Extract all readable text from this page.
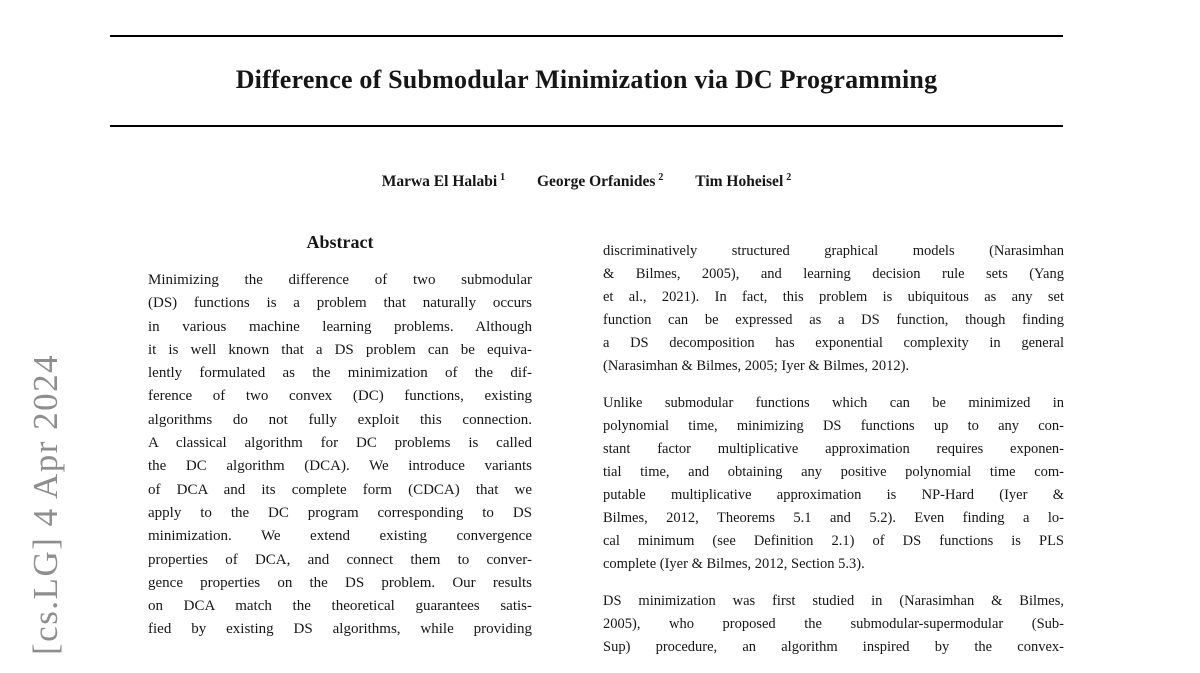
[cs.LG] 4 Apr 2024
Difference of Submodular Minimization via DC Programming
Marwa El Halabi $^1$ George Orfanides $^2$ Tim Hoheisel $^2$
Abstract
Minimizing the difference of two submodular
(DS) functions is a problem that naturally occurs
in various machine learning problems. Although
it is well known that a DS problem can be equiva-
lently formulated as the minimization of the dif-
ference of two convex (DC) functions, existing
algorithms do not fully exploit this connection.
A classical algorithm for DC problems is called
the DC algorithm (DCA). We introduce variants
of DCA and its complete form (CDCA) that we
apply to the DC program corresponding to DS
minimization. We extend existing convergence
properties of DCA, and connect them to conver-
gence properties on the DS problem. Our results
on DCA match the theoretical guarantees satis-
fied by existing DS algorithms, while providing
discriminatively structured graphical models (Narasimhan
& Bilmes, 2005), and learning decision rule sets (Yang
et al., 2021). In fact, this problem is ubiquitous as any set
function can be expressed as a DS function, though finding
a DS decomposition has exponential complexity in general
(Narasimhan & Bilmes, 2005; Iyer & Bilmes, 2012).
Unlike submodular functions which can be minimized in
polynomial time, minimizing DS functions up to any con-
stant factor multiplicative approximation requires exponen-
tial time, and obtaining any positive polynomial time com-
putable multiplicative approximation is NP-Hard (Iyer &
Bilmes, 2012, Theorems 5.1 and 5.2). Even finding a lo-
cal minimum (see Definition 2.1) of DS functions is PLS
complete (Iyer & Bilmes, 2012, Section 5.3).
DS minimization was first studied in (Narasimhan & Bilmes,
2005), who proposed the submodular-supermodular (Sub-
Sup) procedure, an algorithm inspired by the convex-
